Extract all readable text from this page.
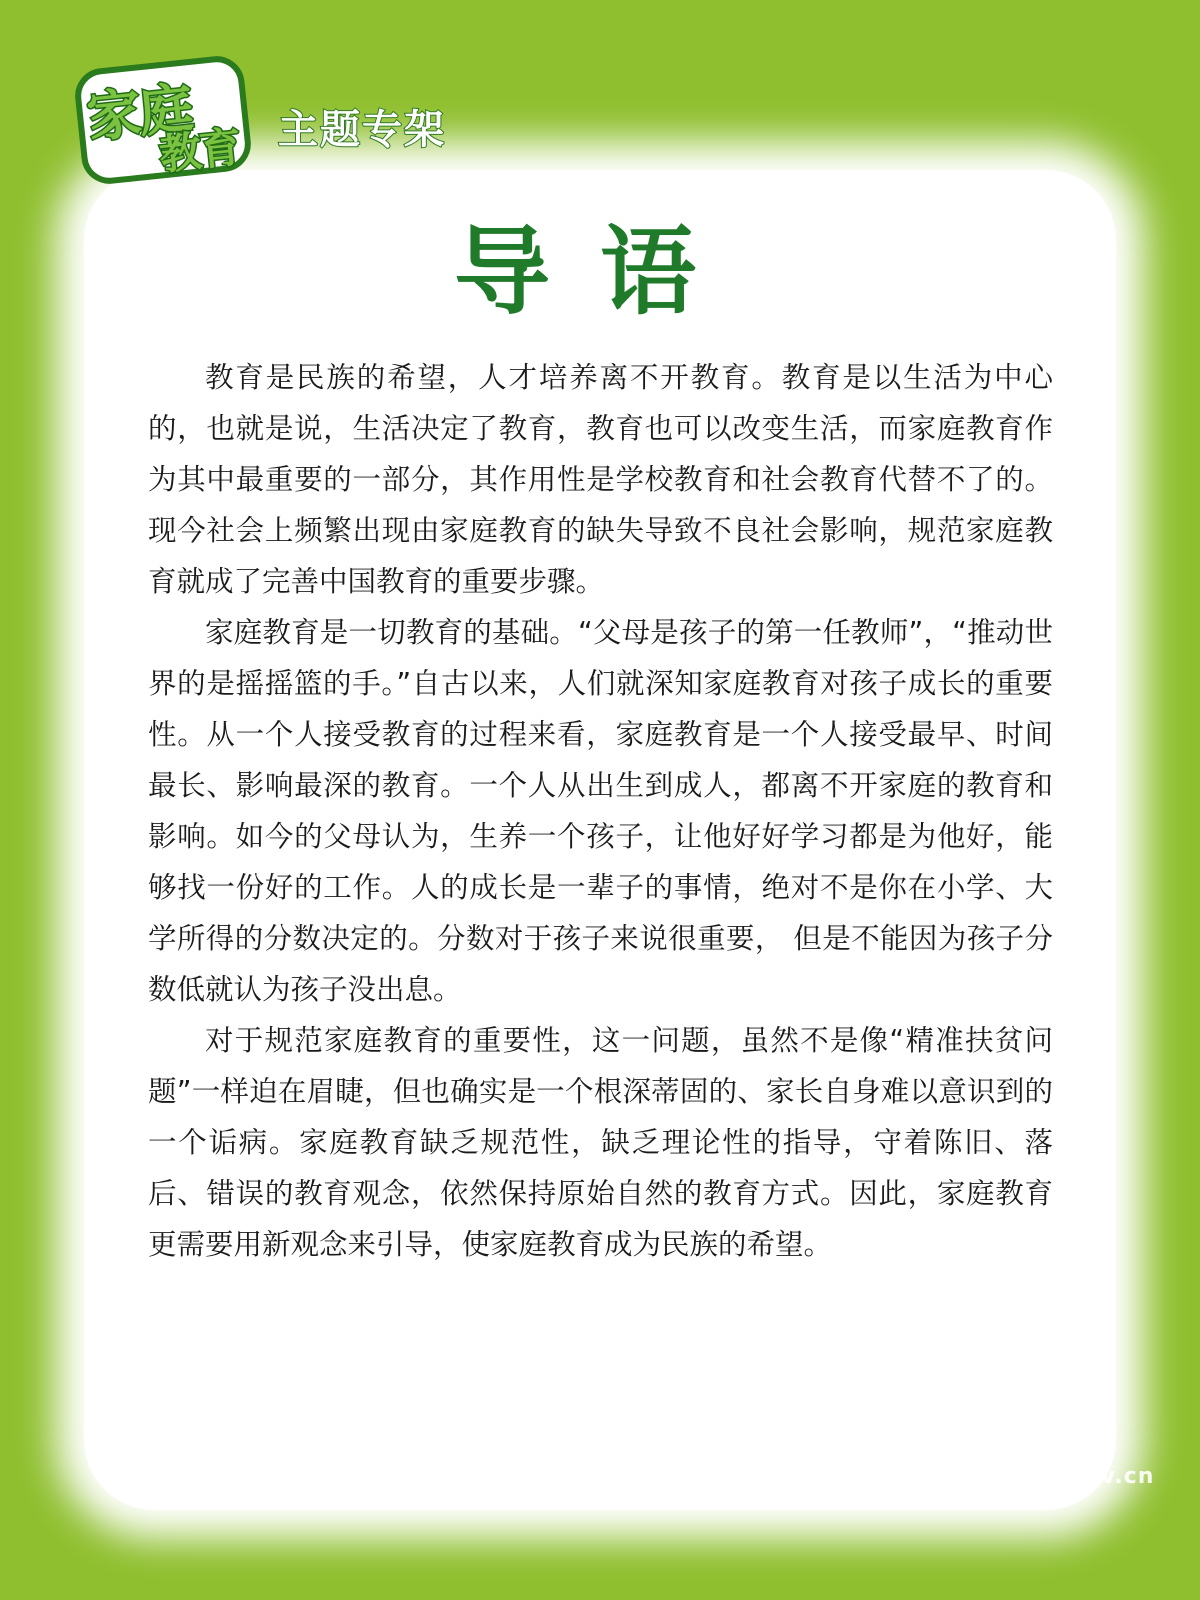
家庭
教育 主题专架
导语

教育是民族的希望，人才培养离不开教育。教育是以生活为中心的，也就是说，生活决定了教育，教育也可以改变生活，而家庭教育作为其中最重要的一部分，其作用性是学校教育和社会教育代替不了的。现今社会上频繁出现由家庭教育的缺失导致不良社会影响，规范家庭教育就成了完善中国教育的重要步骤。

家庭教育是一切教育的基础。“父母是孩子的第一任教师”，“推动世界的是摇摇篮的手。”自古以来，人们就深知家庭教育对孩子成长的重要性。从一个人接受教育的过程来看，家庭教育是一个人接受最早、时间最长、影响最深的教育。一个人从出生到成人，都离不开家庭的教育和影响。如今的父母认为，生养一个孩子，让他好好学习都是为他好，能够找一份好的工作。人的成长是一辈子的事情，绝对不是你在小学、大学所得的分数决定的。分数对于孩子来说很重要， 但是不能因为孩子分数低就认为孩子没出息。

对于规范家庭教育的重要性，这一问题，虽然不是像“精准扶贫问题”一样迫在眉睫，但也确实是一个根深蒂固的、家长自身难以意识到的一个诟病。家庭教育缺乏规范性，缺乏理论性的指导，守着陈旧、落后、错误的教育观念，依然保持原始自然的教育方式。因此，家庭教育更需要用新观念来引导，使家庭教育成为民族的希望。

上海嘉定
www.jiading.gov.cn
